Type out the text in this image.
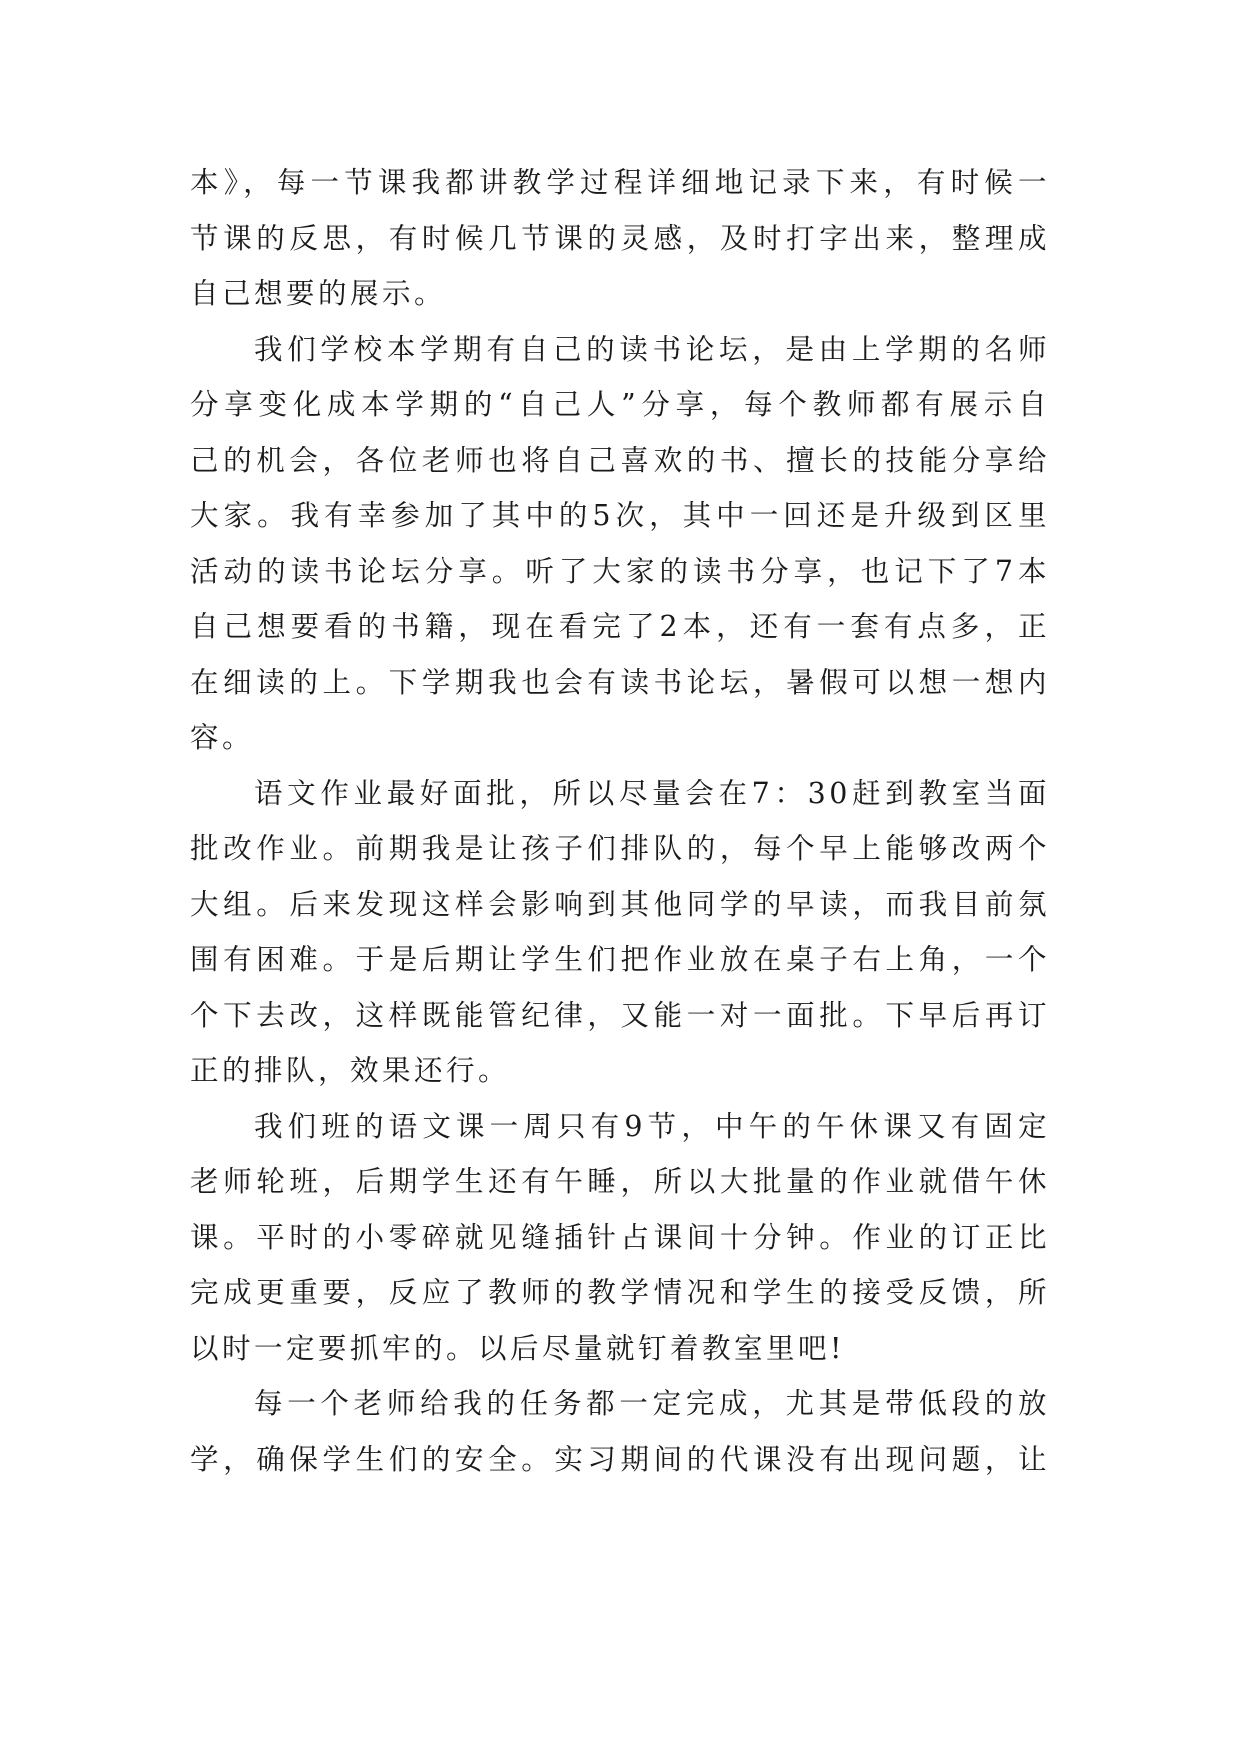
本》，每一节课我都讲教学过程详细地记录下来，有时候一
节课的反思，有时候几节课的灵感，及时打字出来，整理成
自己想要的展示。
我们学校本学期有自己的读书论坛，是由上学期的名师
分享变化成本学期的“自己人”分享，每个教师都有展示自
己的机会，各位老师也将自己喜欢的书、擅长的技能分享给
大家。我有幸参加了其中的5次，其中一回还是升级到区里
活动的读书论坛分享。听了大家的读书分享，也记下了7本
自己想要看的书籍，现在看完了2本，还有一套有点多，正
在细读的上。下学期我也会有读书论坛，暑假可以想一想内
容。
语文作业最好面批，所以尽量会在7：30赶到教室当面
批改作业。前期我是让孩子们排队的，每个早上能够改两个
大组。后来发现这样会影响到其他同学的早读，而我目前氛
围有困难。于是后期让学生们把作业放在桌子右上角，一个
个下去改，这样既能管纪律，又能一对一面批。下早后再订
正的排队，效果还行。
我们班的语文课一周只有9节，中午的午休课又有固定
老师轮班，后期学生还有午睡，所以大批量的作业就借午休
课。平时的小零碎就见缝插针占课间十分钟。作业的订正比
完成更重要，反应了教师的教学情况和学生的接受反馈，所
以时一定要抓牢的。以后尽量就钉着教室里吧!
每一个老师给我的任务都一定完成，尤其是带低段的放
学，确保学生们的安全。实习期间的代课没有出现问题，让
